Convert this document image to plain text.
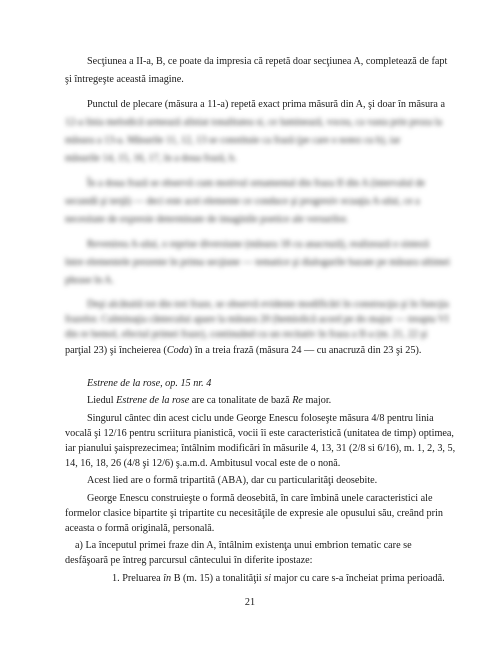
Secţiunea a II-a, B, ce poate da impresia că repetă doar secţiunea A, completează de fapt
şi întregeşte această imagine.
Punctul de plecare (măsura a 11-a) repetă exact prima măsură din A, şi doar în măsura a
12-a linia melodică urmează aliniat tonalitatea si, ce luminează, vocea, ca vasta prin proza la
măsura a 13-a. Măsurile 11, 12, 13 se constituie ca frază (pe care o notez cu b), iar
măsurile 14, 15, 16, 17, în a doua frază, b.
În a doua frază se observă cum motivul ornamental din fraza II din A (intervalul de
secundă şi terţă) — deci este acei elemente ce conduce şi progresiv ecuaţia A-ului, ce a
necesitate de expresie determinate de imaginile poetice ale versurilor.
Revenirea A-ului, o reprise diversiune (măsura 18 cu anacruză), realizează o sinteză
între elementele prezente în prima secţiune — tematice şi dialogurile bazate pe măsura ultimei
phrase în A.
Deşi alcătuită tot din trei fraze, se observă evidente modificări în construcţia şi în funcţia
frazelor. Culminaţia cântecului apare la măsura 20 (hemiolică acord pe do major — treapta VI
din re bemol, efectul primei fraze), continuând cu un recitativ în fraza a II-a (m. 21, 22 şi
parţial 23) şi încheierea (Coda) în a treia frază (măsura 24 — cu anacruză din 23 şi 25).
Estrene de la rose, op. 15 nr. 4
Liedul Estrene de la rose are ca tonalitate de bază Re major.
Singurul cântec din acest ciclu unde George Enescu foloseşte măsura 4/8 pentru linia
vocală şi 12/16 pentru scriitura pianistică, vocii îi este caracteristică (unitatea de timp) optimea,
iar pianului şaisprezecimea; întâlnim modificări în măsurile 4, 13, 31 (2/8 si 6/16), m. 1, 2, 3, 5,
14, 16, 18, 26 (4/8 şi 12/6) ş.a.m.d. Ambitusul vocal este de o nonă.
Acest lied are o formă tripartită (ABA), dar cu particularităţi deosebite.
George Enescu construieşte o formă deosebită, în care îmbină unele caracteristici ale
formelor clasice bipartite şi tripartite cu necesităţile de expresie ale opusului său, creând prin
aceasta o formă originală, personală.
a) La începutul primei fraze din A, întâlnim existenţa unui embrion tematic care se
desfăşoară pe întreg parcursul cântecului în diferite ipostaze:
1. Preluarea în B (m. 15) a tonalităţii si major cu care s-a încheiat prima perioadă.
21
